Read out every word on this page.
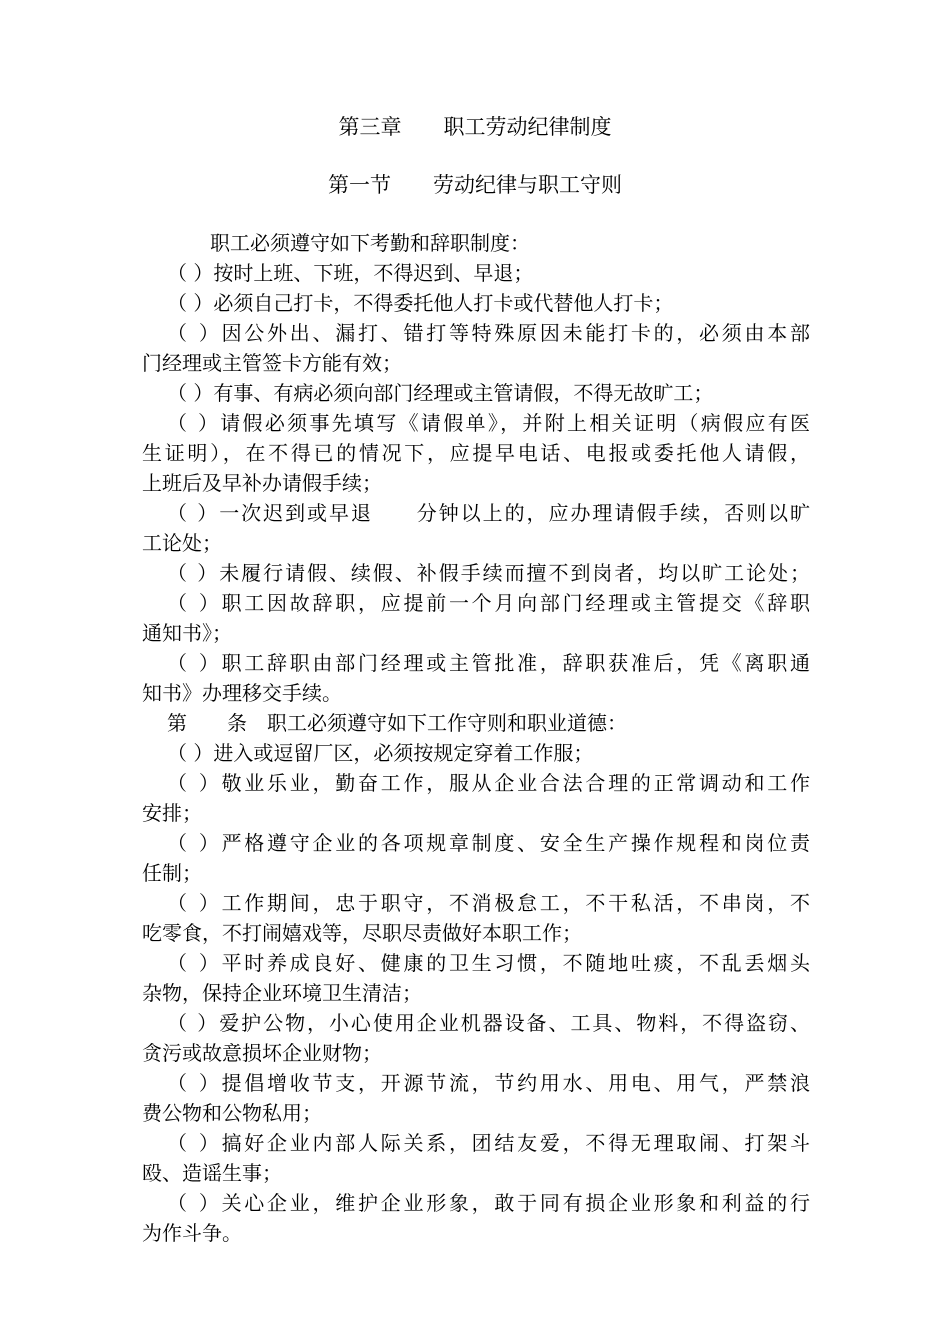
第三章　　职工劳动纪律制度
第一节　　劳动纪律与职工守则
职工必须遵守如下考勤和辞职制度：
（ ）按时上班、下班，不得迟到、早退；
（ ）必须自己打卡，不得委托他人打卡或代替他人打卡；
（ ）因公外出、漏打、错打等特殊原因未能打卡的，必须由本部
门经理或主管签卡方能有效；
（ ）有事、有病必须向部门经理或主管请假，不得无故旷工；
（ ）请假必须事先填写《请假单》，并附上相关证明（病假应有医
生证明），在不得已的情况下，应提早电话、电报或委托他人请假，
上班后及早补办请假手续；
（ ）一次迟到或早退　　分钟以上的，应办理请假手续，否则以旷
工论处；
（ ）未履行请假、续假、补假手续而擅不到岗者，均以旷工论处；
（ ）职工因故辞职，应提前一个月向部门经理或主管提交《辞职
通知书》；
（ ）职工辞职由部门经理或主管批准，辞职获准后，凭《离职通
知书》办理移交手续。
第　　条　职工必须遵守如下工作守则和职业道德：
（ ）进入或逗留厂区，必须按规定穿着工作服；
（ ）敬业乐业，勤奋工作，服从企业合法合理的正常调动和工作
安排；
（ ）严格遵守企业的各项规章制度、安全生产操作规程和岗位责
任制；
（ ）工作期间，忠于职守，不消极怠工，不干私活，不串岗，不
吃零食，不打闹嬉戏等，尽职尽责做好本职工作；
（ ）平时养成良好、健康的卫生习惯，不随地吐痰，不乱丢烟头
杂物，保持企业环境卫生清洁；
（ ）爱护公物，小心使用企业机器设备、工具、物料，不得盗窃、
贪污或故意损坏企业财物；
（ ）提倡增收节支，开源节流，节约用水、用电、用气，严禁浪
费公物和公物私用；
（ ）搞好企业内部人际关系，团结友爱，不得无理取闹、打架斗
殴、造谣生事；
（ ）关心企业，维护企业形象，敢于同有损企业形象和利益的行
为作斗争。
